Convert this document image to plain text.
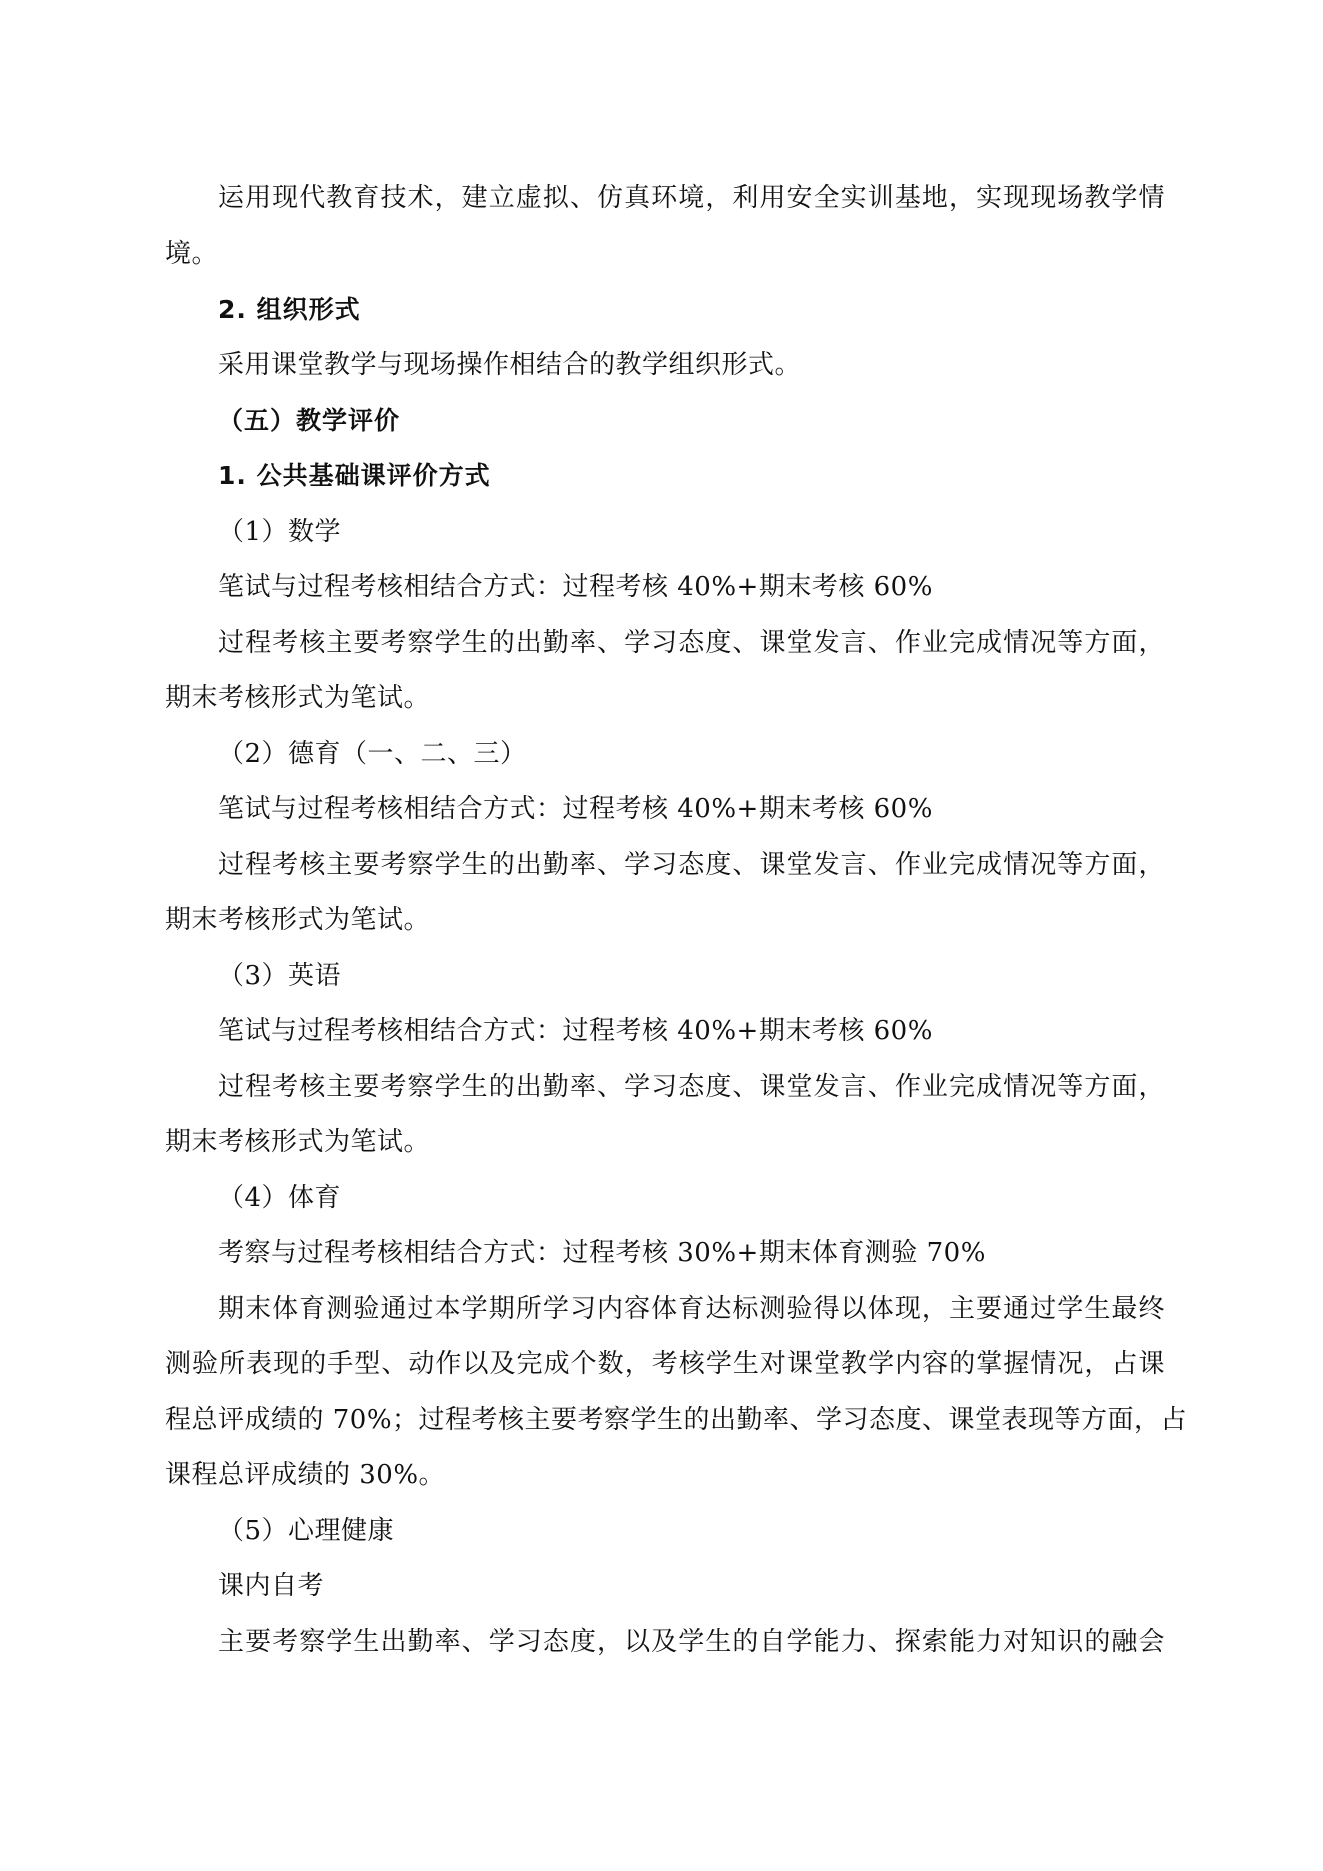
运用现代教育技术，建立虚拟、仿真环境，利用安全实训基地，实现现场教学情
境。
2. 组织形式
采用课堂教学与现场操作相结合的教学组织形式。
（五）教学评价
1. 公共基础课评价方式
（1）数学
笔试与过程考核相结合方式：过程考核 40%+期末考核 60%
过程考核主要考察学生的出勤率、学习态度、课堂发言、作业完成情况等方面，
期末考核形式为笔试。
（2）德育（一、二、三）
笔试与过程考核相结合方式：过程考核 40%+期末考核 60%
过程考核主要考察学生的出勤率、学习态度、课堂发言、作业完成情况等方面，
期末考核形式为笔试。
（3）英语
笔试与过程考核相结合方式：过程考核 40%+期末考核 60%
过程考核主要考察学生的出勤率、学习态度、课堂发言、作业完成情况等方面，
期末考核形式为笔试。
（4）体育
考察与过程考核相结合方式：过程考核 30%+期末体育测验 70%
期末体育测验通过本学期所学习内容体育达标测验得以体现，主要通过学生最终
测验所表现的手型、动作以及完成个数，考核学生对课堂教学内容的掌握情况，占课
程总评成绩的 70%；过程考核主要考察学生的出勤率、学习态度、课堂表现等方面，占
课程总评成绩的 30%。
（5）心理健康
课内自考
主要考察学生出勤率、学习态度，以及学生的自学能力、探索能力对知识的融会
